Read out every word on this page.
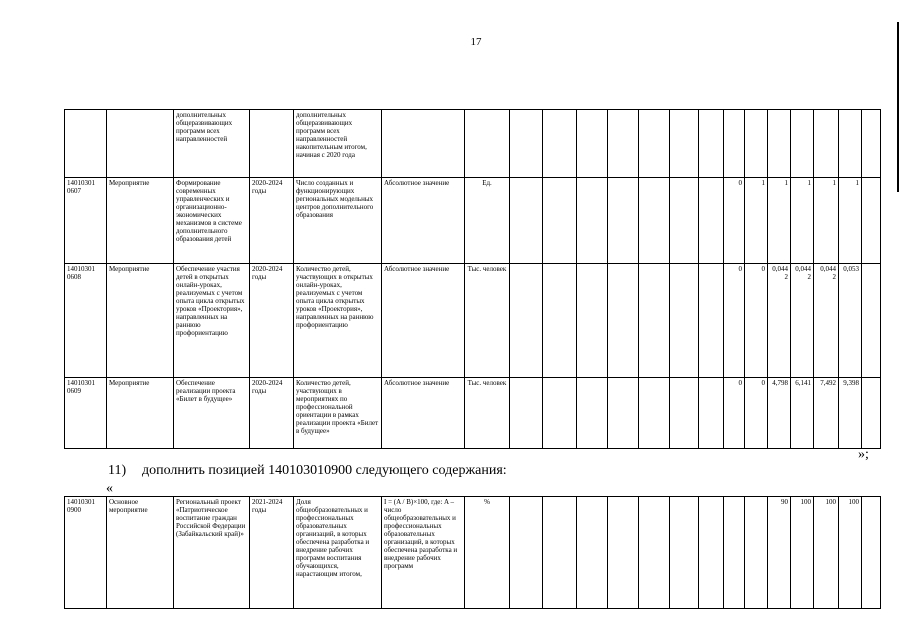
17
		дополнительных общеразвивающих программ всех направленностей		дополнительных общеразвивающих программ всех направленностей накопительным итогом, начиная с 2020 года																
14010301 0607	Мероприятие	Формирование современных управленческих и организационно-экономических механизмов в системе дополнительного образования детей	2020-2024 годы	Число созданных и функционирующих региональных модельных центров дополнительного образования	Абсолютное значение	Ед.								0	1	1	1	1	1	
14010301 0608	Мероприятие	Обеспечение участия детей в открытых онлайн-уроках, реализуемых с учетом опыта цикла открытых уроков «Проектория», направленных на раннюю профориентацию	2020-2024 годы	Количество детей, участвующих в открытых онлайн-уроках, реализуемых с учетом опыта цикла открытых уроков «Проектория», направленных на раннюю профориентацию	Абсолютное значение	Тыс. человек								0	0	0,044 2	0,044 2	0,044 2	0,053	
14010301 0609	Мероприятие	Обеспечение реализации проекта «Билет в будущее»	2020-2024 годы	Количество детей, участвующих в мероприятиях по профессиональной ориентации в рамках реализации проекта «Билет в будущее»	Абсолютное значение	Тыс. человек								0	0	4,798	6,141	7,492	9,398	
»;
11) дополнить позицией 140103010900 следующего содержания:
«
14010301 0900	Основное мероприятие	Региональный проект «Патриотическое воспитание граждан Российской Федерации (Забайкальский край)»	2021-2024 годы	Доля общеобразовательных и профессиональных образовательных организаций, в которых обеспечена разработка и внедрение рабочих программ воспитания обучающихся, нарастающим итогом,	I = (A / B)×100, где: A – число общеобразовательных и профессиональных образовательных организаций, в которых обеспечена разработка и внедрение рабочих программ	%										90	100	100	100	
